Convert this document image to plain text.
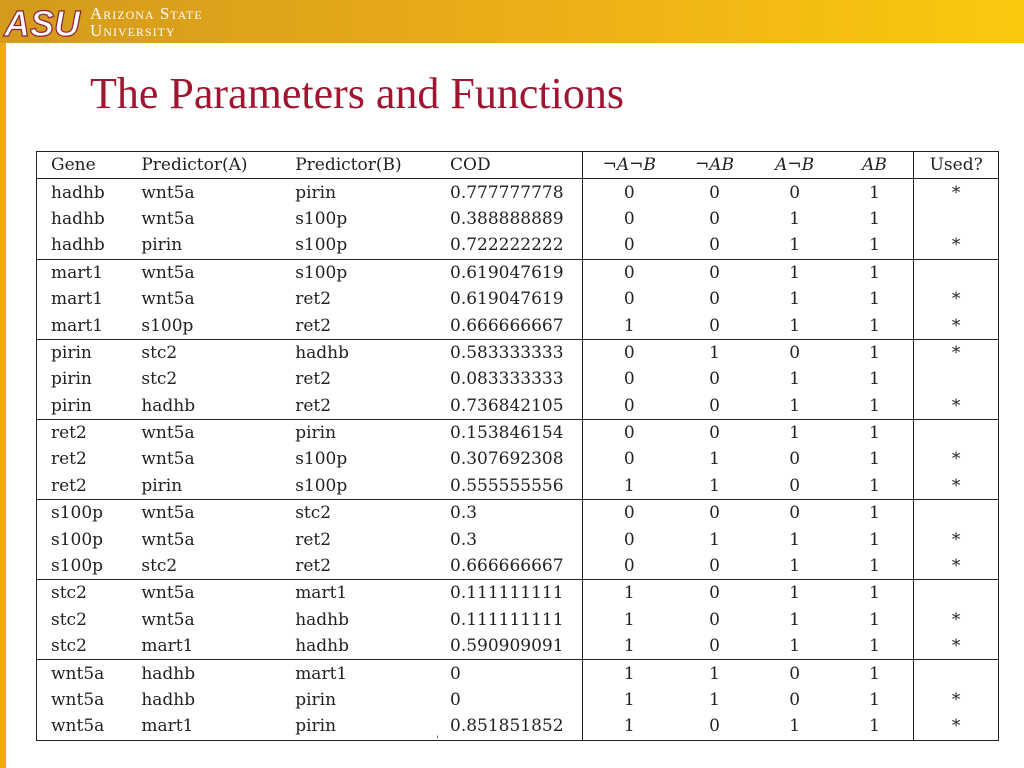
ASU Arizona State
University
The Parameters and Functions
Gene	Predictor(A)	Predictor(B)	COD	¬A¬B	¬AB	A¬B	AB	Used?
hadhb	wnt5a	pirin	0.777777778	0	0	0	1	*
hadhb	wnt5a	s100p	0.388888889	0	0	1	1	
hadhb	pirin	s100p	0.722222222	0	0	1	1	*
mart1	wnt5a	s100p	0.619047619	0	0	1	1	
mart1	wnt5a	ret2	0.619047619	0	0	1	1	*
mart1	s100p	ret2	0.666666667	1	0	1	1	*
pirin	stc2	hadhb	0.583333333	0	1	0	1	*
pirin	stc2	ret2	0.083333333	0	0	1	1	
pirin	hadhb	ret2	0.736842105	0	0	1	1	*
ret2	wnt5a	pirin	0.153846154	0	0	1	1	
ret2	wnt5a	s100p	0.307692308	0	1	0	1	*
ret2	pirin	s100p	0.555555556	1	1	0	1	*
s100p	wnt5a	stc2	0.3	0	0	0	1	
s100p	wnt5a	ret2	0.3	0	1	1	1	*
s100p	stc2	ret2	0.666666667	0	0	1	1	*
stc2	wnt5a	mart1	0.111111111	1	0	1	1	
stc2	wnt5a	hadhb	0.111111111	1	0	1	1	*
stc2	mart1	hadhb	0.590909091	1	0	1	1	*
wnt5a	hadhb	mart1	0	1	1	0	1	
wnt5a	hadhb	pirin	0	1	1	0	1	*
wnt5a	mart1	pirin	0.851851852	1	0	1	1	*
'
